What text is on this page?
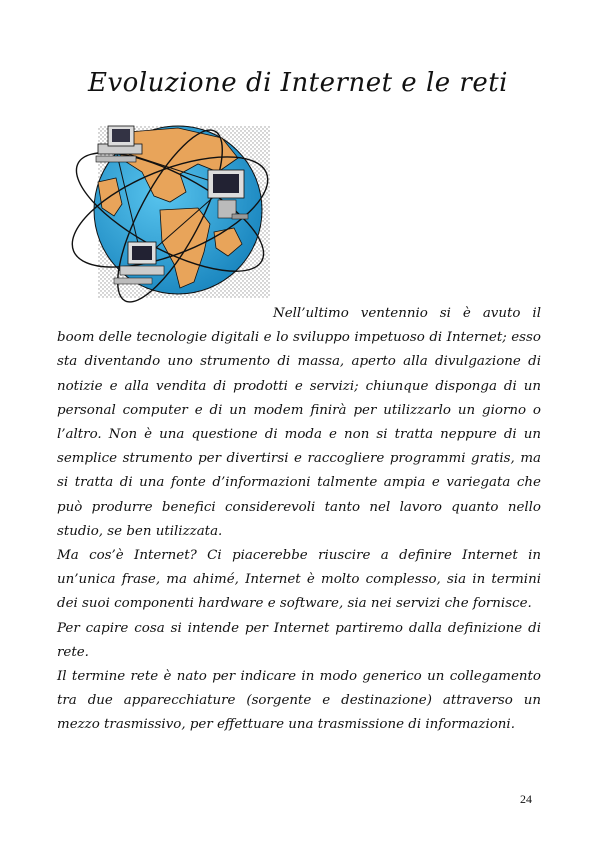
Evoluzione di Internet e le reti

Nell’ultimo ventennio si è avuto il boom delle tecnologie digitali e lo sviluppo impetuoso di Internet; esso sta diventando uno strumento di massa, aperto alla divulgazione di notizie e alla vendita di prodotti e servizi; chiunque disponga di un personal computer e di un modem finirà per utilizzarlo un giorno o l’altro. Non è una questione di moda e non si tratta neppure di un semplice strumento per divertirsi e raccogliere programmi gratis, ma si tratta di una fonte d’informazioni talmente ampia e variegata che può produrre benefici considerevoli tanto nel lavoro quanto nello studio, se ben utilizzata.

Ma cos’è Internet? Ci piacerebbe riuscire a definire Internet in un’unica frase, ma ahimé, Internet è molto complesso, sia in termini dei suoi componenti hardware e software, sia nei servizi che fornisce.

Per capire cosa si intende per Internet partiremo dalla definizione di rete.

Il termine rete è nato per indicare in modo generico un collegamento tra due apparecchiature (sorgente e destinazione) attraverso un mezzo trasmissivo, per effettuare una trasmissione di informazioni.

24
